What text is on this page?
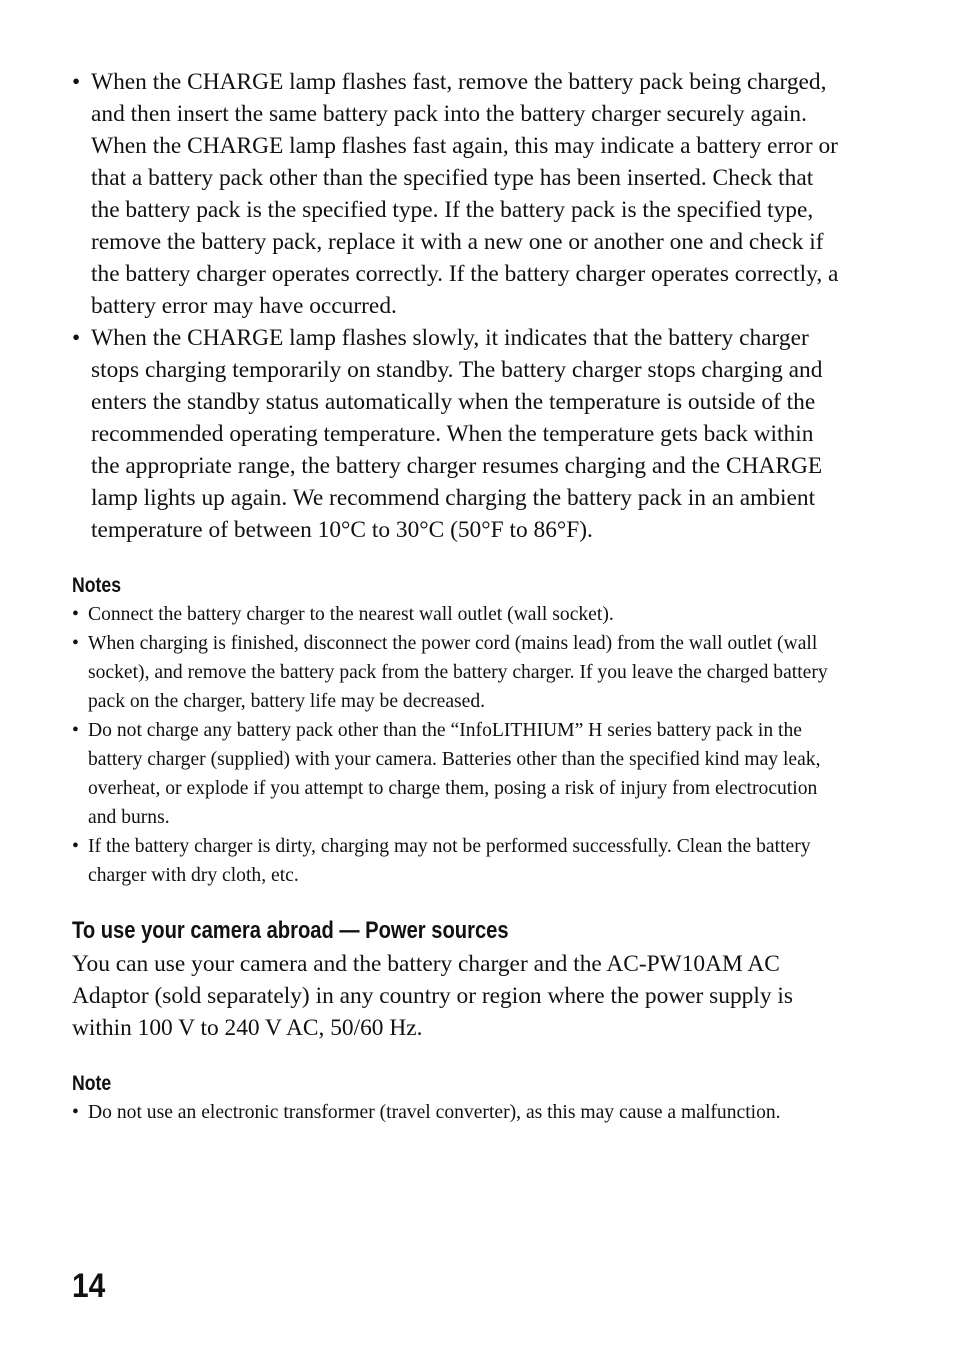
• When the CHARGE lamp flashes fast, remove the battery pack being charged, and then insert the same battery pack into the battery charger securely again. When the CHARGE lamp flashes fast again, this may indicate a battery error or that a battery pack other than the specified type has been inserted. Check that the battery pack is the specified type. If the battery pack is the specified type, remove the battery pack, replace it with a new one or another one and check if the battery charger operates correctly. If the battery charger operates correctly, a battery error may have occurred.
• When the CHARGE lamp flashes slowly, it indicates that the battery charger stops charging temporarily on standby. The battery charger stops charging and enters the standby status automatically when the temperature is outside of the recommended operating temperature. When the temperature gets back within the appropriate range, the battery charger resumes charging and the CHARGE lamp lights up again. We recommend charging the battery pack in an ambient temperature of between 10°C to 30°C (50°F to 86°F).
Notes
• Connect the battery charger to the nearest wall outlet (wall socket).
• When charging is finished, disconnect the power cord (mains lead) from the wall outlet (wall socket), and remove the battery pack from the battery charger. If you leave the charged battery pack on the charger, battery life may be decreased.
• Do not charge any battery pack other than the “InfoLITHIUM” H series battery pack in the battery charger (supplied) with your camera. Batteries other than the specified kind may leak, overheat, or explode if you attempt to charge them, posing a risk of injury from electrocution and burns.
• If the battery charger is dirty, charging may not be performed successfully. Clean the battery charger with dry cloth, etc.
To use your camera abroad — Power sources

You can use your camera and the battery charger and the AC-PW10AM AC Adaptor (sold separately) in any country or region where the power supply is within 100 V to 240 V AC, 50/60 Hz.

Note
• Do not use an electronic transformer (travel converter), as this may cause a malfunction.
14
